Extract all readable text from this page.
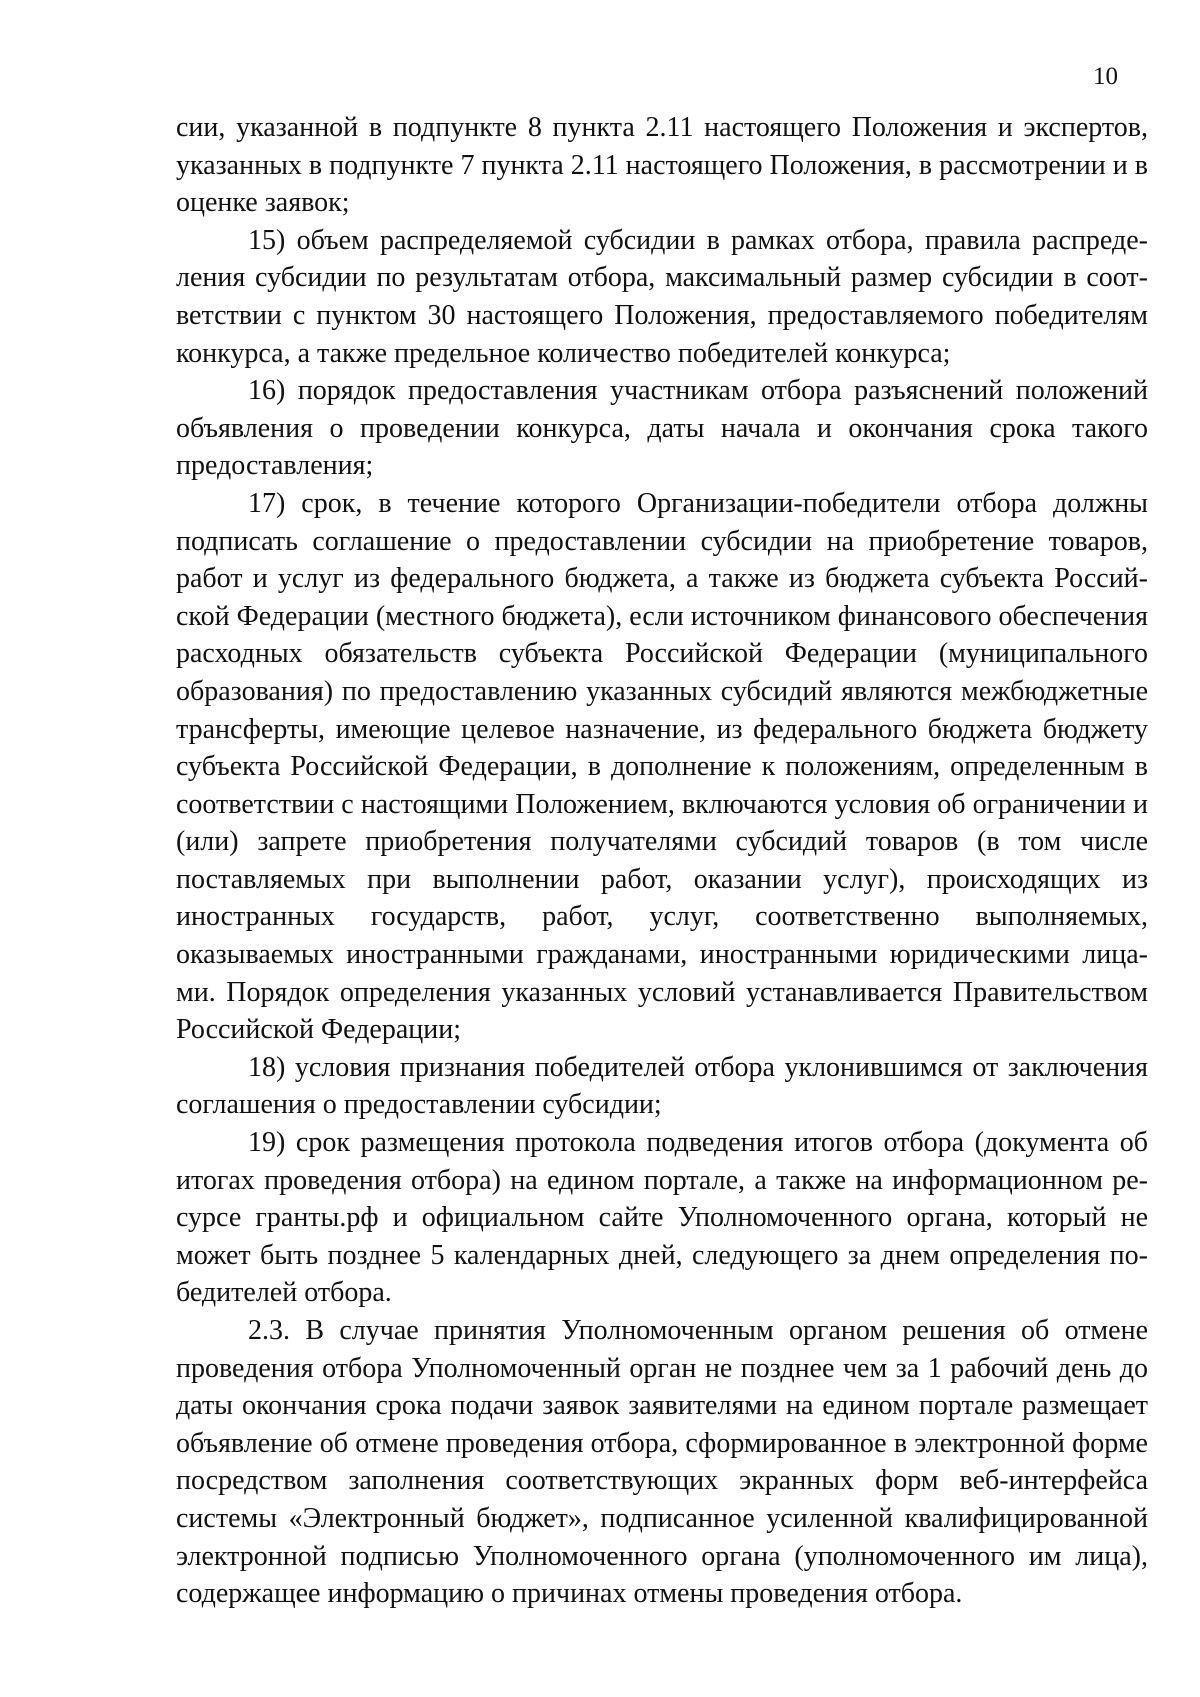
10

сии, указанной в подпункте 8 пункта 2.11 настоящего Положения и экспертов, указанных в подпункте 7 пункта 2.11 настоящего Положения, в рассмотрении и в оценке заявок;

15) объем распределяемой субсидии в рамках отбора, правила распределения субсидии по результатам отбора, максимальный размер субсидии в соответствии с пунктом 30 настоящего Положения, предоставляемого победителям конкурса, а также предельное количество победителей конкурса;

16) порядок предоставления участникам отбора разъяснений положений объявления о проведении конкурса, даты начала и окончания срока такого предоставления;

17) срок, в течение которого Организации-победители отбора должны подписать соглашение о предоставлении субсидии на приобретение товаров, работ и услуг из федерального бюджета, а также из бюджета субъекта Российской Федерации (местного бюджета), если источником финансового обеспечения расходных обязательств субъекта Российской Федерации (муниципального образования) по предоставлению указанных субсидий являются межбюджетные трансферты, имеющие целевое назначение, из федерального бюджета бюджету субъекта Российской Федерации, в дополнение к положениям, определенным в соответствии с настоящими Положением, включаются условия об ограничении и (или) запрете приобретения получателями субсидий товаров (в том числе поставляемых при выполнении работ, оказании услуг), происходящих из иностранных государств, работ, услуг, соответственно выполняемых, оказываемых иностранными гражданами, иностранными юридическими лицами. Порядок определения указанных условий устанавливается Правительством Российской Федерации;

18) условия признания победителей отбора уклонившимся от заключения соглашения о предоставлении субсидии;

19) срок размещения протокола подведения итогов отбора (документа об итогах проведения отбора) на едином портале, а также на информационном ресурсе гранты.рф и официальном сайте Уполномоченного органа, который не может быть позднее 5 календарных дней, следующего за днем определения победителей отбора.

2.3. В случае принятия Уполномоченным органом решения об отмене проведения отбора Уполномоченный орган не позднее чем за 1 рабочий день до даты окончания срока подачи заявок заявителями на едином портале размещает объявление об отмене проведения отбора, сформированное в электронной форме посредством заполнения соответствующих экранных форм веб-интерфейса системы «Электронный бюджет», подписанное усиленной квалифицированной электронной подписью Уполномоченного органа (уполномоченного им лица), содержащее информацию о причинах отмены проведения отбора.
